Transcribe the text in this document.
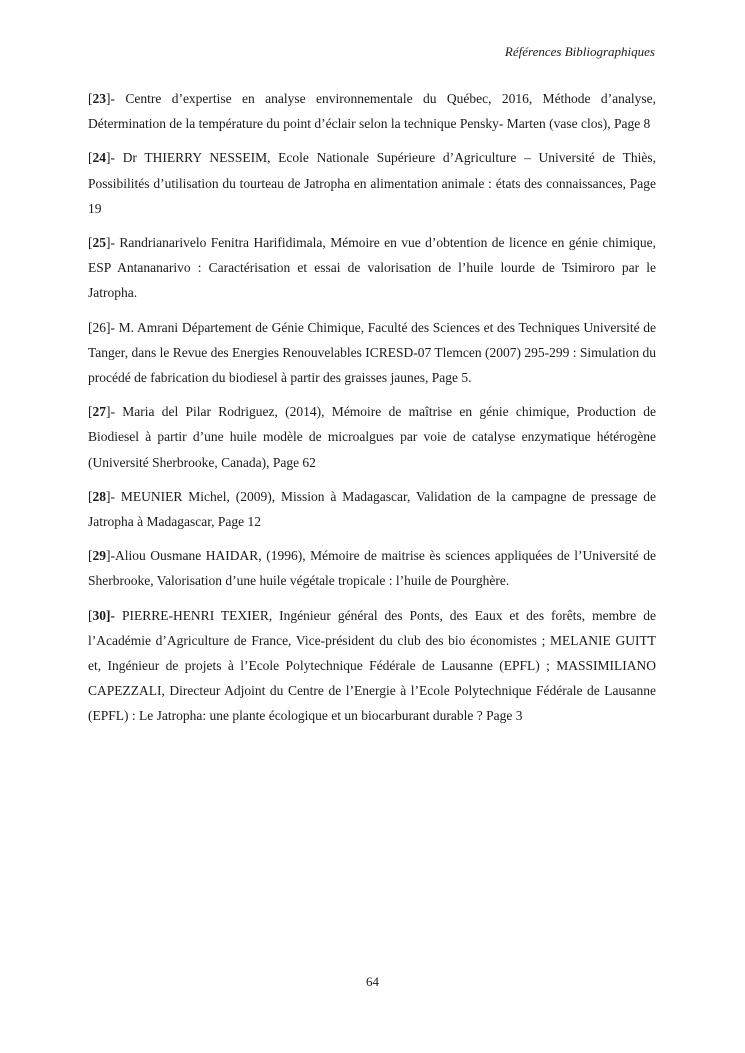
Références Bibliographiques

[23]- Centre d’expertise en analyse environnementale du Québec, 2016, Méthode d’analyse, Détermination de la température du point d’éclair selon la technique Pensky- Marten (vase clos), Page 8

[24]- Dr THIERRY NESSEIM, Ecole Nationale Supérieure d’Agriculture – Université de Thiès, Possibilités d’utilisation du tourteau de Jatropha en alimentation animale : états des connaissances, Page 19

[25]- Randrianarivelo Fenitra Harifidimala, Mémoire en vue d’obtention de licence en génie chimique, ESP Antananarivo : Caractérisation et essai de valorisation de l’huile lourde de Tsimiroro par le Jatropha.

[26]- M. Amrani Département de Génie Chimique, Faculté des Sciences et des Techniques Université de Tanger, dans le Revue des Energies Renouvelables ICRESD-07 Tlemcen (2007) 295-299 : Simulation du procédé de fabrication du biodiesel à partir des graisses jaunes, Page 5.

[27]- Maria del Pilar Rodriguez, (2014), Mémoire de maîtrise en génie chimique, Production de Biodiesel à partir d’une huile modèle de microalgues par voie de catalyse enzymatique hétérogène (Université Sherbrooke, Canada), Page 62

[28]- MEUNIER Michel, (2009), Mission à Madagascar, Validation de la campagne de pressage de Jatropha à Madagascar, Page 12

[29]-Aliou Ousmane HAIDAR, (1996), Mémoire de maitrise ès sciences appliquées de l’Université de Sherbrooke, Valorisation d’une huile végétale tropicale : l’huile de Pourghère.

[30]- PIERRE-HENRI TEXIER, Ingénieur général des Ponts, des Eaux et des forêts, membre de l’Académie d’Agriculture de France, Vice-président du club des bio économistes ; MELANIE GUITT et, Ingénieur de projets à l’Ecole Polytechnique Fédérale de Lausanne (EPFL) ; MASSIMILIANO CAPEZZALI, Directeur Adjoint du Centre de l’Energie à l’Ecole Polytechnique Fédérale de Lausanne (EPFL) : Le Jatropha: une plante écologique et un biocarburant durable ? Page 3

64
